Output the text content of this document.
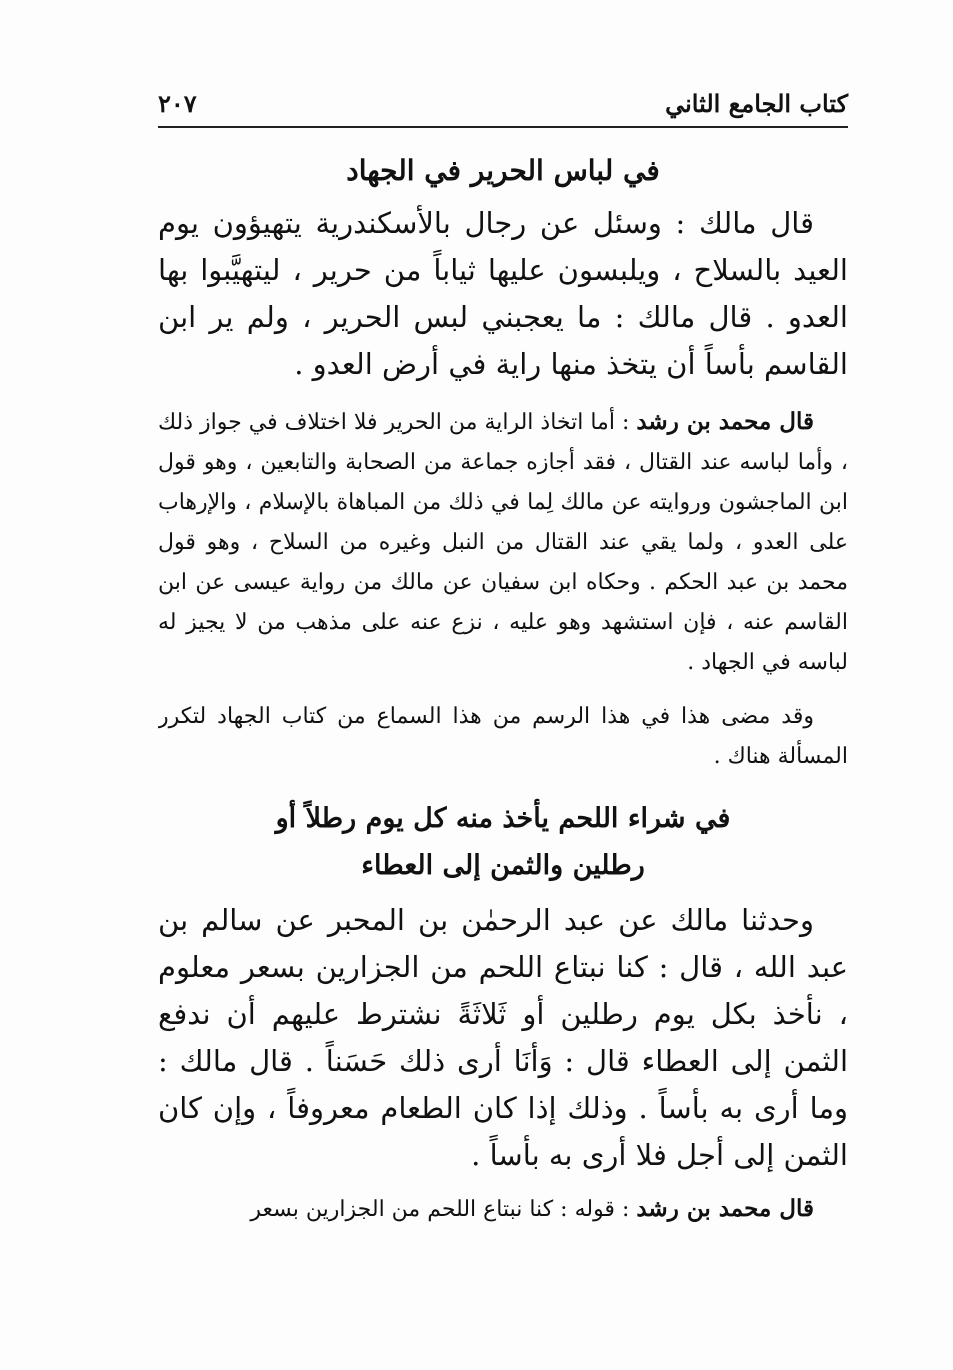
كتاب الجامع الثاني
٢٠٧
في لباس الحرير في الجهاد

قال مالك : وسئل عن رجال بالأسكندرية يتهيؤون يوم العيد بالسلاح ، ويلبسون عليها ثياباً من حرير ، ليتهيَّبوا بها العدو . قال مالك : ما يعجبني لبس الحرير ، ولم ير ابن القاسم بأساً أن يتخذ منها راية في أرض العدو .

قال محمد بن رشد : أما اتخاذ الراية من الحرير فلا اختلاف في جواز ذلك ، وأما لباسه عند القتال ، فقد أجازه جماعة من الصحابة والتابعين ، وهو قول ابن الماجشون وروايته عن مالك لِما في ذلك من المباهاة بالإسلام ، والإرهاب على العدو ، ولما يقي عند القتال من النبل وغيره من السلاح ، وهو قول محمد بن عبد الحكم . وحكاه ابن سفيان عن مالك من رواية عيسى عن ابن القاسم عنه ، فإن استشهد وهو عليه ، نزع عنه على مذهب من لا يجيز له لباسه في الجهاد .

وقد مضى هذا في هذا الرسم من هذا السماع من كتاب الجهاد لتكرر المسألة هناك .

في شراء اللحم يأخذ منه كل يوم رطلاً أو
رطلين والثمن إلى العطاء

وحدثنا مالك عن عبد الرحمٰن بن المحبر عن سالم بن عبد الله ، قال : كنا نبتاع اللحم من الجزارين بسعر معلوم ، نأخذ بكل يوم رطلين أو ثَلاثَةً نشترط عليهم أن ندفع الثمن إلى العطاء قال : وَأنَا أرى ذلك حَسَناً . قال مالك : وما أرى به بأساً . وذلك إذا كان الطعام معروفاً ، وإن كان الثمن إلى أجل فلا أرى به بأساً .

قال محمد بن رشد : قوله : كنا نبتاع اللحم من الجزارين بسعر
